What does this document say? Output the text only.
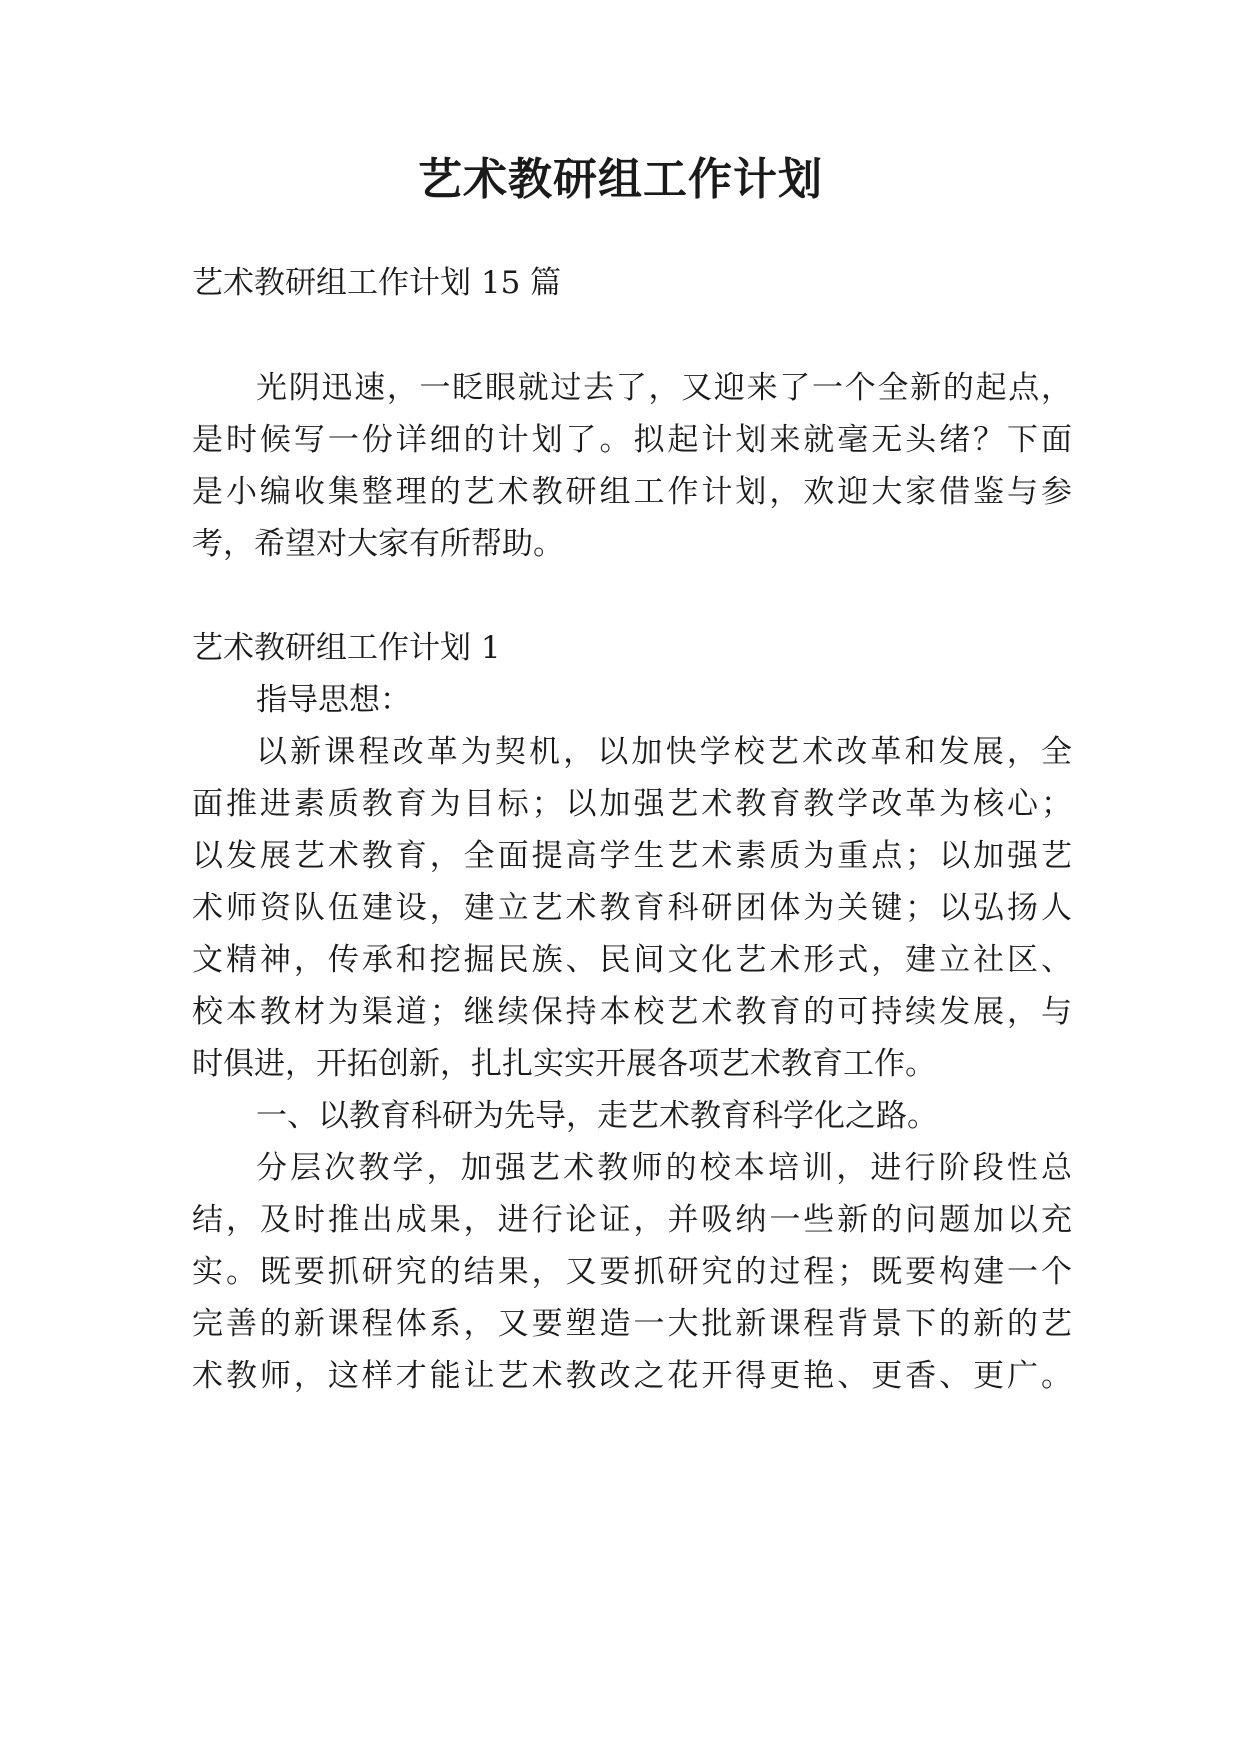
艺术教研组工作计划
艺术教研组工作计划 15 篇
光阴迅速，一眨眼就过去了，又迎来了一个全新的起点，
是时候写一份详细的计划了。拟起计划来就毫无头绪？下面
是小编收集整理的艺术教研组工作计划，欢迎大家借鉴与参
考，希望对大家有所帮助。
艺术教研组工作计划 1
指导思想：
以新课程改革为契机，以加快学校艺术改革和发展，全
面推进素质教育为目标；以加强艺术教育教学改革为核心；
以发展艺术教育，全面提高学生艺术素质为重点；以加强艺
术师资队伍建设，建立艺术教育科研团体为关键；以弘扬人
文精神，传承和挖掘民族、民间文化艺术形式，建立社区、
校本教材为渠道；继续保持本校艺术教育的可持续发展，与
时俱进，开拓创新，扎扎实实开展各项艺术教育工作。
一、以教育科研为先导，走艺术教育科学化之路。
分层次教学，加强艺术教师的校本培训，进行阶段性总
结，及时推出成果，进行论证，并吸纳一些新的问题加以充
实。既要抓研究的结果，又要抓研究的过程；既要构建一个
完善的新课程体系，又要塑造一大批新课程背景下的新的艺
术教师，这样才能让艺术教改之花开得更艳、更香、更广。
